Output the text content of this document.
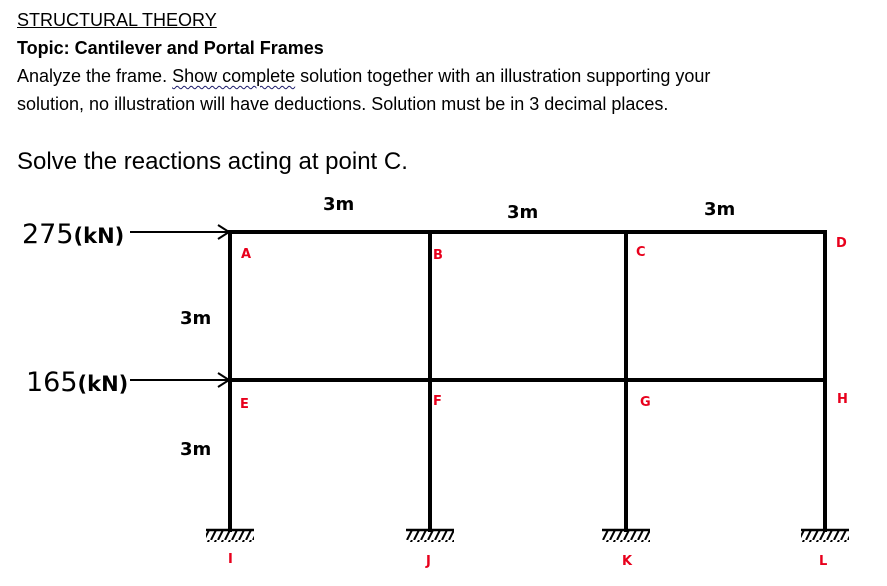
STRUCTURAL THEORY
Topic: Cantilever and Portal Frames
Analyze the frame. Show complete solution together with an illustration supporting your
solution, no illustration will have deductions. Solution must be in 3 decimal places.
Solve the reactions acting at point C.
275(kN)
165(kN)
3m	3m	3m
3m
3m
A	B	C
D
E	F	G	H
I	J	K	L
